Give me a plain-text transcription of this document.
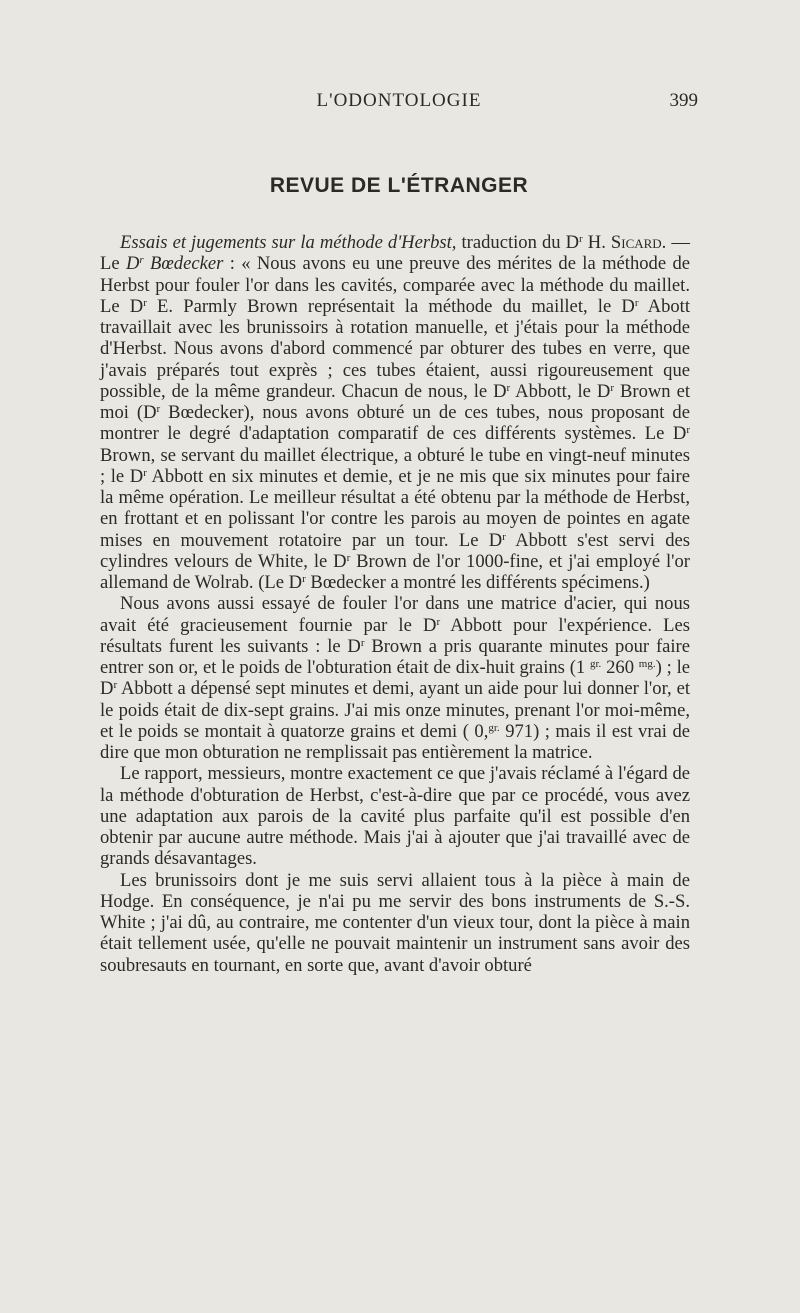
L'ODONTOLOGIE	399
REVUE DE L'ÉTRANGER

Essais et jugements sur la méthode d'Herbst, traduction du $D^r$ H. Sicard. — Le $D^r$ Bœdecker : « Nous avons eu une preuve des mérites de la méthode de Herbst pour fouler l'or dans les cavités, comparée avec la méthode du maillet. Le $D^r$ E. Parmly Brown représentait la méthode du maillet, le $D^r$ Abott travaillait avec les brunissoirs à rotation manuelle, et j'étais pour la méthode d'Herbst. Nous avons d'abord commencé par obturer des tubes en verre, que j'avais préparés tout exprès ; ces tubes étaient, aussi rigoureusement que possible, de la même grandeur. Chacun de nous, le $D^r$ Abbott, le $D^r$ Brown et moi ($D^r$ Bœdecker), nous avons obturé un de ces tubes, nous proposant de montrer le degré d'adaptation comparatif de ces différents systèmes. Le $D^r$ Brown, se servant du maillet électrique, a obturé le tube en vingt-neuf minutes ; le $D^r$ Abbott en six minutes et demie, et je ne mis que six minutes pour faire la même opération. Le meilleur résultat a été obtenu par la méthode de Herbst, en frottant et en polissant l'or contre les parois au moyen de pointes en agate mises en mouvement rotatoire par un tour. Le $D^r$ Abbott s'est servi des cylindres velours de White, le $D^r$ Brown de l'or 1000-fine, et j'ai employé l'or allemand de Wolrab. (Le $D^r$ Bœdecker a montré les différents spécimens.)

Nous avons aussi essayé de fouler l'or dans une matrice d'acier, qui nous avait été gracieusement fournie par le $D^r$ Abbott pour l'expérience. Les résultats furent les suivants : le $D^r$ Brown a pris quarante minutes pour faire entrer son or, et le poids de l'obturation était de dix-huit grains (1 $^{gr.}$ 260 $^{mg.}$) ; le $D^r$ Abbott a dépensé sept minutes et demi, ayant un aide pour lui donner l'or, et le poids était de dix-sept grains. J'ai mis onze minutes, prenant l'or moi-même, et le poids se montait à quatorze grains et demi ( 0,$^{gr.}$ 971) ; mais il est vrai de dire que mon obturation ne remplissait pas entièrement la matrice.

Le rapport, messieurs, montre exactement ce que j'avais réclamé à l'égard de la méthode d'obturation de Herbst, c'est-à-dire que par ce procédé, vous avez une adaptation aux parois de la cavité plus parfaite qu'il est possible d'en obtenir par aucune autre méthode. Mais j'ai à ajouter que j'ai travaillé avec de grands désavantages.

Les brunissoirs dont je me suis servi allaient tous à la pièce à main de Hodge. En conséquence, je n'ai pu me servir des bons instruments de S.-S. White ; j'ai dû, au contraire, me contenter d'un vieux tour, dont la pièce à main était tellement usée, qu'elle ne pouvait maintenir un instrument sans avoir des soubresauts en tournant, en sorte que, avant d'avoir obturé
